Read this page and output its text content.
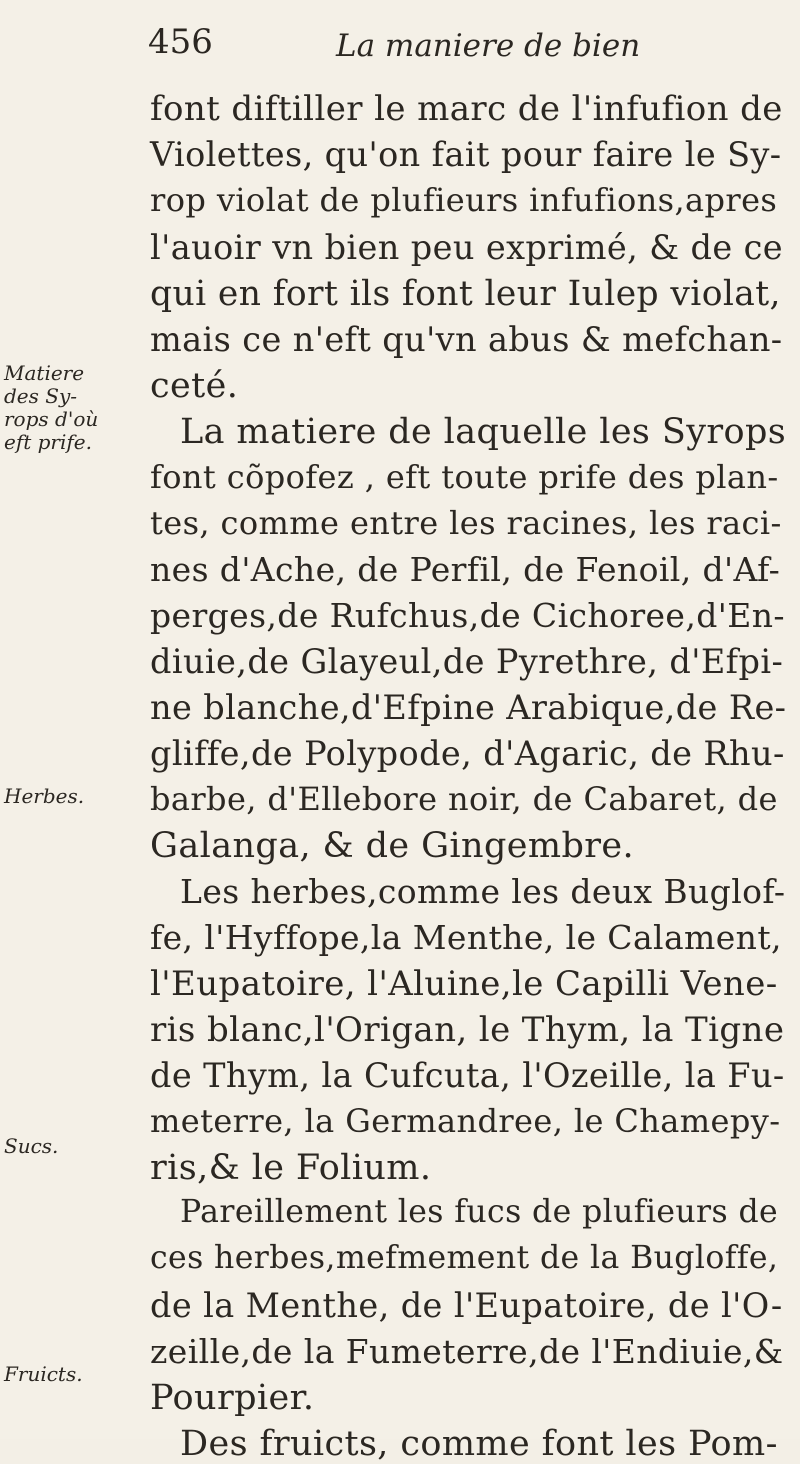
456	La maniere de bien
Matiere
des Sy-
rops d'où
eft prife.
Herbes.
Sucs.
Fruicts.
font diftiller le marc de l'infufion de
Violettes, qu'on fait pour faire le Sy-
rop violat de plufieurs infufions,apres
l'auoir vn bien peu exprimé, & de ce
qui en fort ils font leur Iulep violat,
mais ce n'eft qu'vn abus & mefchan-
ceté.
La matiere de laquelle les Syrops
font cõpofez , eft toute prife des plan-
tes, comme entre les racines, les raci-
nes d'Ache, de Perfil, de Fenoil, d'Af-
perges,de Rufchus,de Cichoree,d'En-
diuie,de Glayeul,de Pyrethre, d'Efpi-
ne blanche,d'Efpine Arabique,de Re-
gliffe,de Polypode, d'Agaric, de Rhu-
barbe, d'Ellebore noir, de Cabaret, de
Galanga, & de Gingembre.
Les herbes,comme les deux Buglof-
fe, l'Hyffope,la Menthe, le Calament,
l'Eupatoire, l'Aluine,le Capilli Vene-
ris blanc,l'Origan, le Thym, la Tigne
de Thym, la Cufcuta, l'Ozeille, la Fu-
meterre, la Germandree, le Chamepy-
ris,& le Folium.
Pareillement les fucs de plufieurs de
ces herbes,mefmement de la Bugloffe,
de la Menthe, de l'Eupatoire, de l'O-
zeille,de la Fumeterre,de l'Endiuie,&
Pourpier.
Des fruicts, comme font les Pom-
